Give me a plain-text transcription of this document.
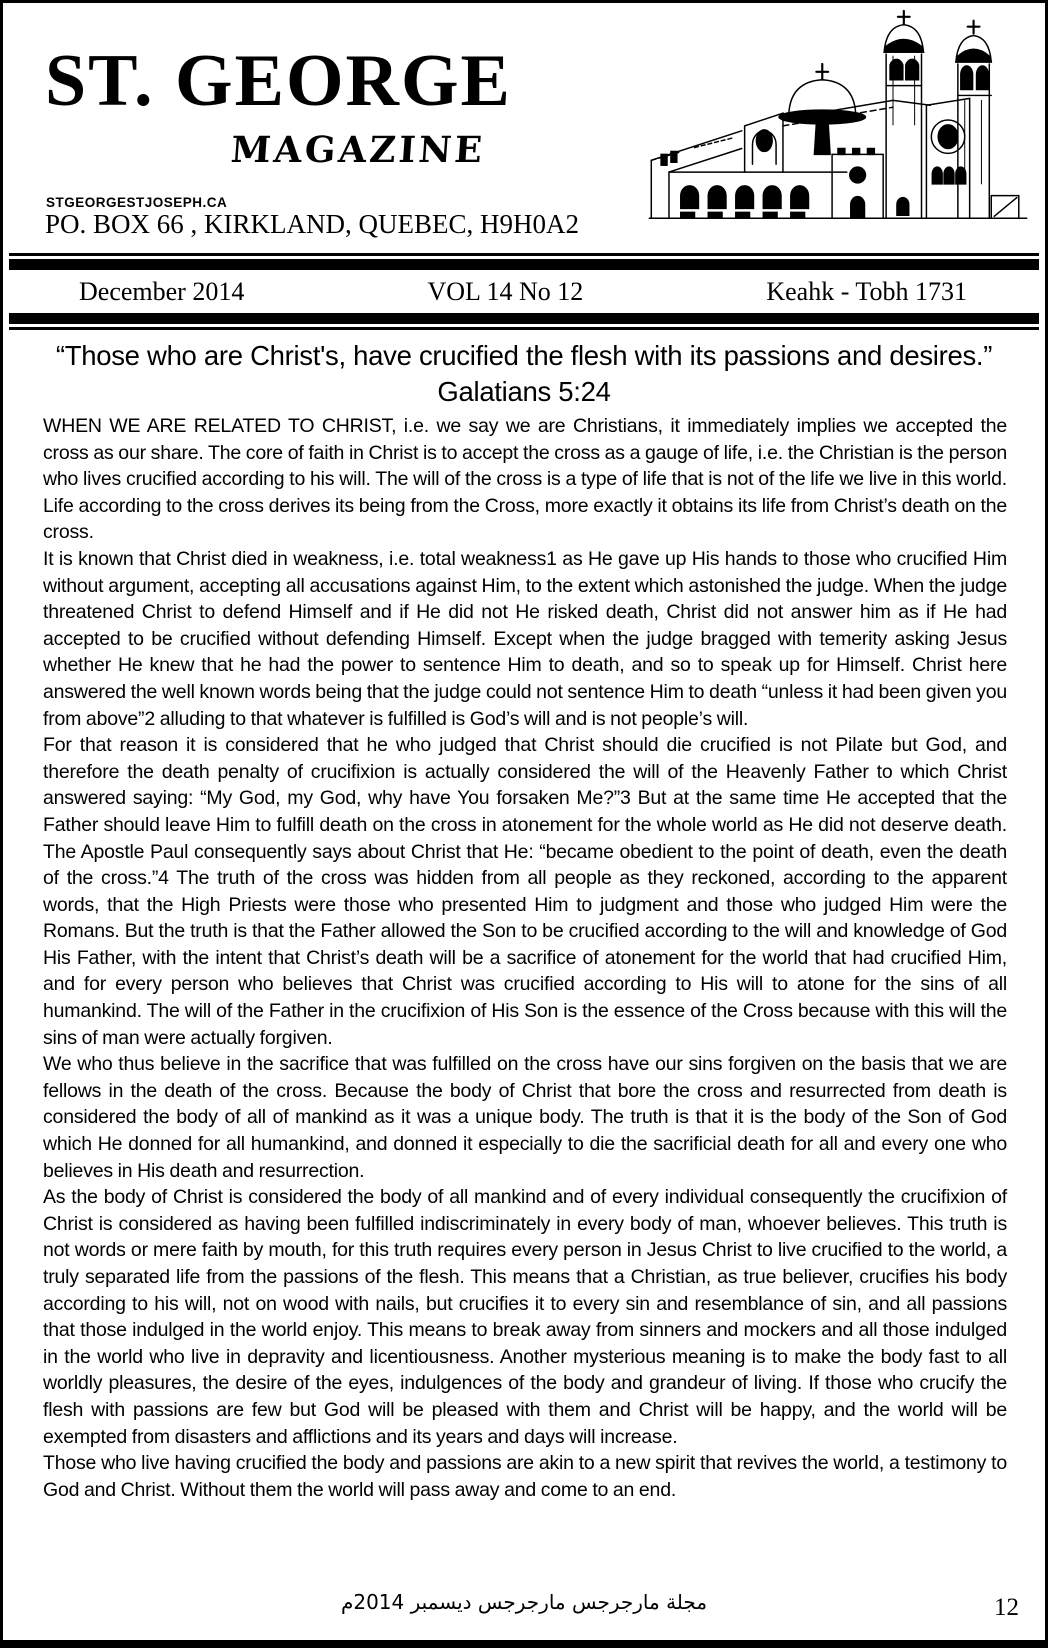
ST. GEORGE
MAGAZINE
STGEORGESTJOSEPH.CA
PO. BOX 66 , KIRKLAND, QUEBEC, H9H0A2
December 2014	VOL 14 No 12	Keahk - Tobh 1731
“Those who are Christ's, have crucified the flesh with its passions and desires.” Galatians 5:24

WHEN WE ARE RELATED TO CHRIST, i.e. we say we are Christians, it immediately implies we accepted the cross as our share. The core of faith in Christ is to accept the cross as a gauge of life, i.e. the Christian is the person who lives crucified according to his will. The will of the cross is a type of life that is not of the life we live in this world. Life according to the cross derives its being from the Cross, more exactly it obtains its life from Christ’s death on the cross.

It is known that Christ died in weakness, i.e. total weakness1 as He gave up His hands to those who crucified Him without argument, accepting all accusations against Him, to the extent which astonished the judge. When the judge threatened Christ to defend Himself and if He did not He risked death, Christ did not answer him as if He had accepted to be crucified without defending Himself. Except when the judge bragged with temerity asking Jesus whether He knew that he had the power to sentence Him to death, and so to speak up for Himself. Christ here answered the well known words being that the judge could not sentence Him to death “unless it had been given you from above”2 alluding to that whatever is fulfilled is God’s will and is not people’s will.

For that reason it is considered that he who judged that Christ should die crucified is not Pilate but God, and therefore the death penalty of crucifixion is actually considered the will of the Heavenly Father to which Christ answered saying: “My God, my God, why have You forsaken Me?”3 But at the same time He accepted that the Father should leave Him to fulfill death on the cross in atonement for the whole world as He did not deserve death. The Apostle Paul consequently says about Christ that He: “became obedient to the point of death, even the death of the cross.”4 The truth of the cross was hidden from all people as they reckoned, according to the apparent words, that the High Priests were those who presented Him to judgment and those who judged Him were the Romans. But the truth is that the Father allowed the Son to be crucified according to the will and knowledge of God His Father, with the intent that Christ’s death will be a sacrifice of atonement for the world that had crucified Him, and for every person who believes that Christ was crucified according to His will to atone for the sins of all humankind. The will of the Father in the crucifixion of His Son is the essence of the Cross because with this will the sins of man were actually forgiven.

We who thus believe in the sacrifice that was fulfilled on the cross have our sins forgiven on the basis that we are fellows in the death of the cross. Because the body of Christ that bore the cross and resurrected from death is considered the body of all of mankind as it was a unique body. The truth is that it is the body of the Son of God which He donned for all humankind, and donned it especially to die the sacrificial death for all and every one who believes in His death and resurrection.

As the body of Christ is considered the body of all mankind and of every individual consequently the crucifixion of Christ is considered as having been fulfilled indiscriminately in every body of man, whoever believes. This truth is not words or mere faith by mouth, for this truth requires every person in Jesus Christ to live crucified to the world, a truly separated life from the passions of the flesh. This means that a Christian, as true believer, crucifies his body according to his will, not on wood with nails, but crucifies it to every sin and resemblance of sin, and all passions that those indulged in the world enjoy. This means to break away from sinners and mockers and all those indulged in the world who live in depravity and licentiousness. Another mysterious meaning is to make the body fast to all worldly pleasures, the desire of the eyes, indulgences of the body and grandeur of living. If those who crucify the flesh with passions are few but God will be pleased with them and Christ will be happy, and the world will be exempted from disasters and afflictions and its years and days will increase.

Those who live having crucified the body and passions are akin to a new spirit that revives the world, a testimony to God and Christ. Without them the world will pass away and come to an end.

مجلة مارجرجس مارجرجس ديسمبر 2014م	12
